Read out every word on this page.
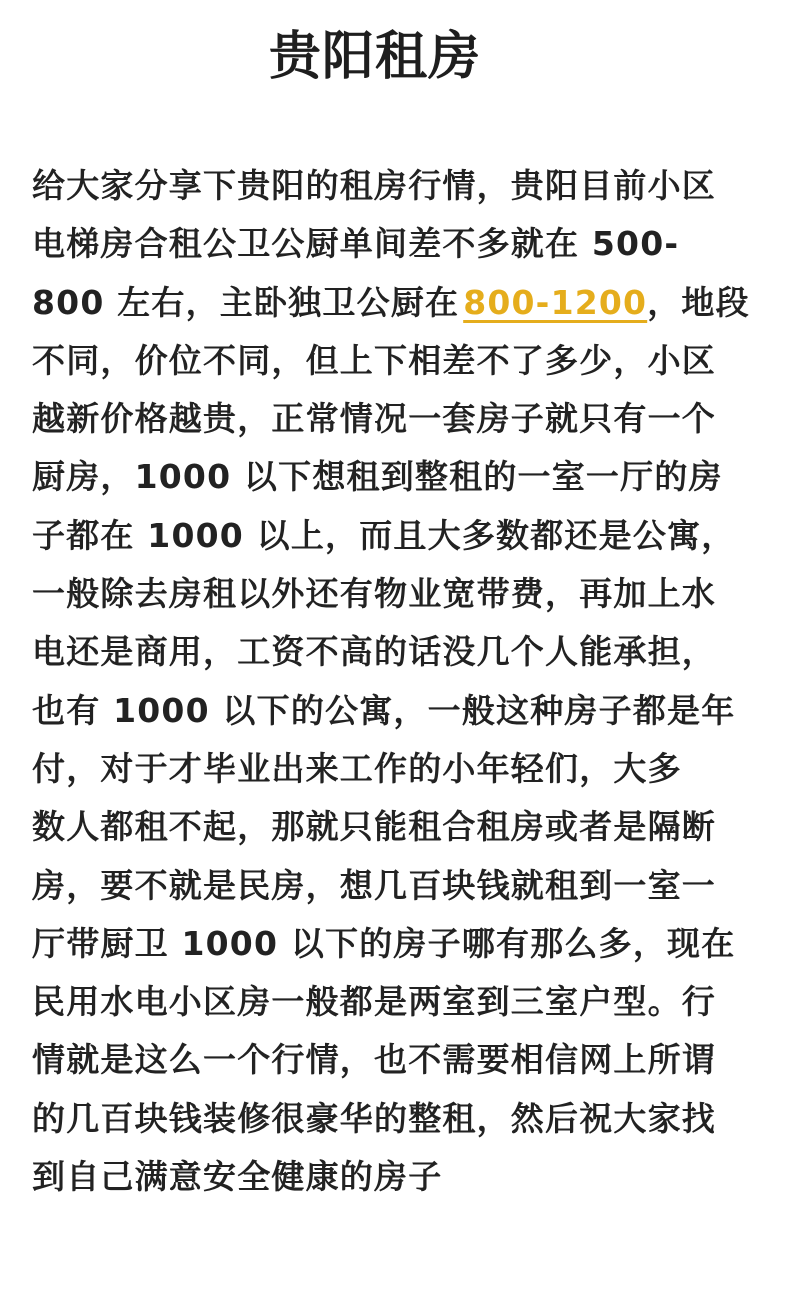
贵阳租房
给大家分享下贵阳的租房行情，贵阳目前小区
电梯房合租公卫公厨单间差不多就在 500-
800 左右，主卧独卫公厨在 800-1200，地段
不同，价位不同，但上下相差不了多少，小区
越新价格越贵，正常情况一套房子就只有一个
厨房，1000 以下想租到整租的一室一厅的房
子都在 1000 以上，而且大多数都还是公寓，
一般除去房租以外还有物业宽带费，再加上水
电还是商用，工资不高的话没几个人能承担，
也有 1000 以下的公寓，一般这种房子都是年
付，对于才毕业出来工作的小年轻们，大多
数人都租不起，那就只能租合租房或者是隔断
房，要不就是民房，想几百块钱就租到一室一
厅带厨卫 1000 以下的房子哪有那么多，现在
民用水电小区房一般都是两室到三室户型。行
情就是这么一个行情，也不需要相信网上所谓
的几百块钱装修很豪华的整租，然后祝大家找
到自己满意安全健康的房子
